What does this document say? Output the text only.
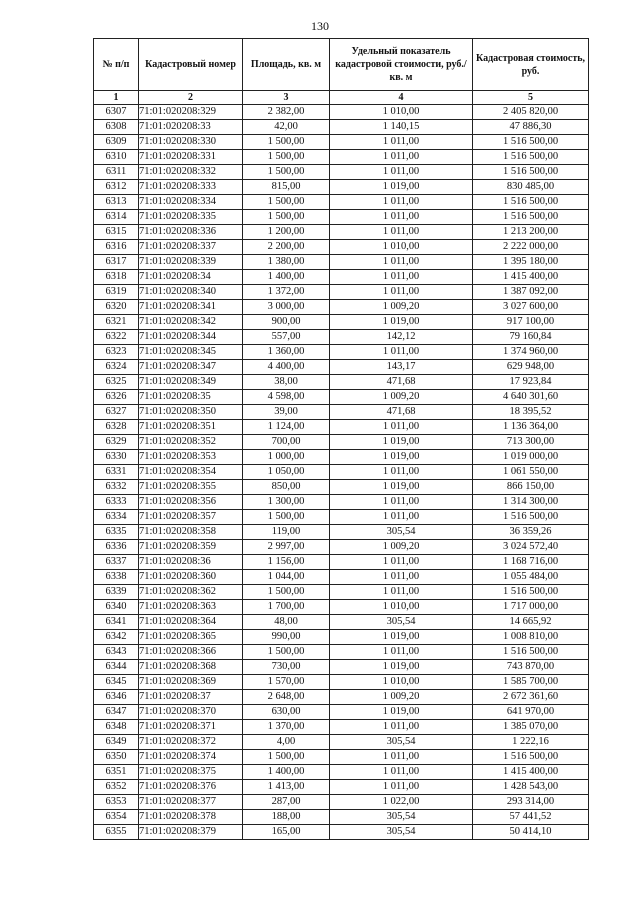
130
№ п/п	Кадастровый номер	Площадь, кв. м	Удельный показатель кадастровой стоимости, руб./кв. м	Кадастровая стоимость, руб.
1	2	3	4	5
6307	71:01:020208:329	2 382,00	1 010,00	2 405 820,00
6308	71:01:020208:33	42,00	1 140,15	47 886,30
6309	71:01:020208:330	1 500,00	1 011,00	1 516 500,00
6310	71:01:020208:331	1 500,00	1 011,00	1 516 500,00
6311	71:01:020208:332	1 500,00	1 011,00	1 516 500,00
6312	71:01:020208:333	815,00	1 019,00	830 485,00
6313	71:01:020208:334	1 500,00	1 011,00	1 516 500,00
6314	71:01:020208:335	1 500,00	1 011,00	1 516 500,00
6315	71:01:020208:336	1 200,00	1 011,00	1 213 200,00
6316	71:01:020208:337	2 200,00	1 010,00	2 222 000,00
6317	71:01:020208:339	1 380,00	1 011,00	1 395 180,00
6318	71:01:020208:34	1 400,00	1 011,00	1 415 400,00
6319	71:01:020208:340	1 372,00	1 011,00	1 387 092,00
6320	71:01:020208:341	3 000,00	1 009,20	3 027 600,00
6321	71:01:020208:342	900,00	1 019,00	917 100,00
6322	71:01:020208:344	557,00	142,12	79 160,84
6323	71:01:020208:345	1 360,00	1 011,00	1 374 960,00
6324	71:01:020208:347	4 400,00	143,17	629 948,00
6325	71:01:020208:349	38,00	471,68	17 923,84
6326	71:01:020208:35	4 598,00	1 009,20	4 640 301,60
6327	71:01:020208:350	39,00	471,68	18 395,52
6328	71:01:020208:351	1 124,00	1 011,00	1 136 364,00
6329	71:01:020208:352	700,00	1 019,00	713 300,00
6330	71:01:020208:353	1 000,00	1 019,00	1 019 000,00
6331	71:01:020208:354	1 050,00	1 011,00	1 061 550,00
6332	71:01:020208:355	850,00	1 019,00	866 150,00
6333	71:01:020208:356	1 300,00	1 011,00	1 314 300,00
6334	71:01:020208:357	1 500,00	1 011,00	1 516 500,00
6335	71:01:020208:358	119,00	305,54	36 359,26
6336	71:01:020208:359	2 997,00	1 009,20	3 024 572,40
6337	71:01:020208:36	1 156,00	1 011,00	1 168 716,00
6338	71:01:020208:360	1 044,00	1 011,00	1 055 484,00
6339	71:01:020208:362	1 500,00	1 011,00	1 516 500,00
6340	71:01:020208:363	1 700,00	1 010,00	1 717 000,00
6341	71:01:020208:364	48,00	305,54	14 665,92
6342	71:01:020208:365	990,00	1 019,00	1 008 810,00
6343	71:01:020208:366	1 500,00	1 011,00	1 516 500,00
6344	71:01:020208:368	730,00	1 019,00	743 870,00
6345	71:01:020208:369	1 570,00	1 010,00	1 585 700,00
6346	71:01:020208:37	2 648,00	1 009,20	2 672 361,60
6347	71:01:020208:370	630,00	1 019,00	641 970,00
6348	71:01:020208:371	1 370,00	1 011,00	1 385 070,00
6349	71:01:020208:372	4,00	305,54	1 222,16
6350	71:01:020208:374	1 500,00	1 011,00	1 516 500,00
6351	71:01:020208:375	1 400,00	1 011,00	1 415 400,00
6352	71:01:020208:376	1 413,00	1 011,00	1 428 543,00
6353	71:01:020208:377	287,00	1 022,00	293 314,00
6354	71:01:020208:378	188,00	305,54	57 441,52
6355	71:01:020208:379	165,00	305,54	50 414,10
